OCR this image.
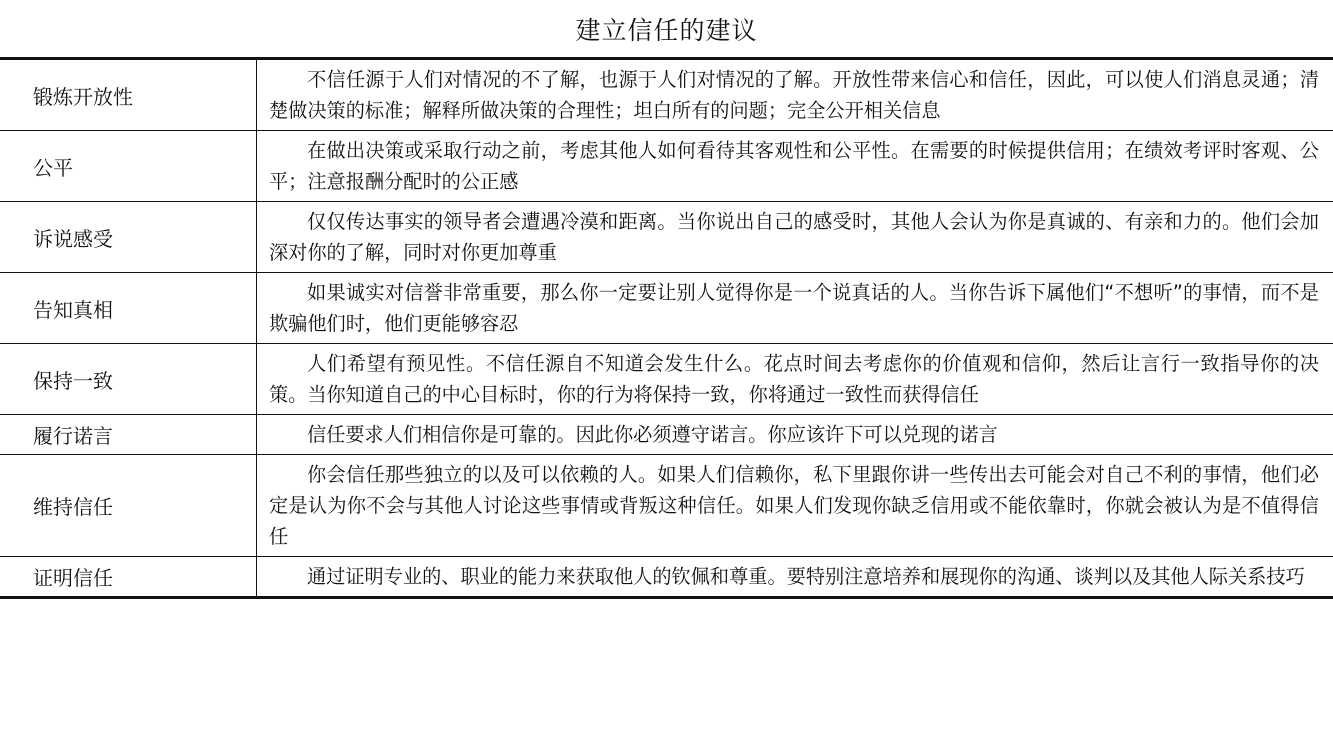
建立信任的建议
锻炼开放性
不信任源于人们对情况的不了解，也源于人们对情况的了解。开放性带来信心和信任，因此，可以使人们消息灵通；清楚做决策的标准；解释所做决策的合理性；坦白所有的问题；完全公开相关信息
公平
在做出决策或采取行动之前，考虑其他人如何看待其客观性和公平性。在需要的时候提供信用；在绩效考评时客观、公平；注意报酬分配时的公正感
诉说感受
仅仅传达事实的领导者会遭遇冷漠和距离。当你说出自己的感受时，其他人会认为你是真诚的、有亲和力的。他们会加深对你的了解，同时对你更加尊重
告知真相
如果诚实对信誉非常重要，那么你一定要让别人觉得你是一个说真话的人。当你告诉下属他们“不想听”的事情，而不是欺骗他们时，他们更能够容忍
保持一致
人们希望有预见性。不信任源自不知道会发生什么。花点时间去考虑你的价值观和信仰，然后让言行一致指导你的决策。当你知道自己的中心目标时，你的行为将保持一致，你将通过一致性而获得信任
履行诺言	信任要求人们相信你是可靠的。因此你必须遵守诺言。你应该许下可以兑现的诺言
维持信任
你会信任那些独立的以及可以依赖的人。如果人们信赖你，私下里跟你讲一些传出去可能会对自己不利的事情，他们必定是认为你不会与其他人讨论这些事情或背叛这种信任。如果人们发现你缺乏信用或不能依靠时，你就会被认为是不值得信任
证明信任	通过证明专业的、职业的能力来获取他人的钦佩和尊重。要特别注意培养和展现你的沟通、谈判以及其他人际关系技巧
